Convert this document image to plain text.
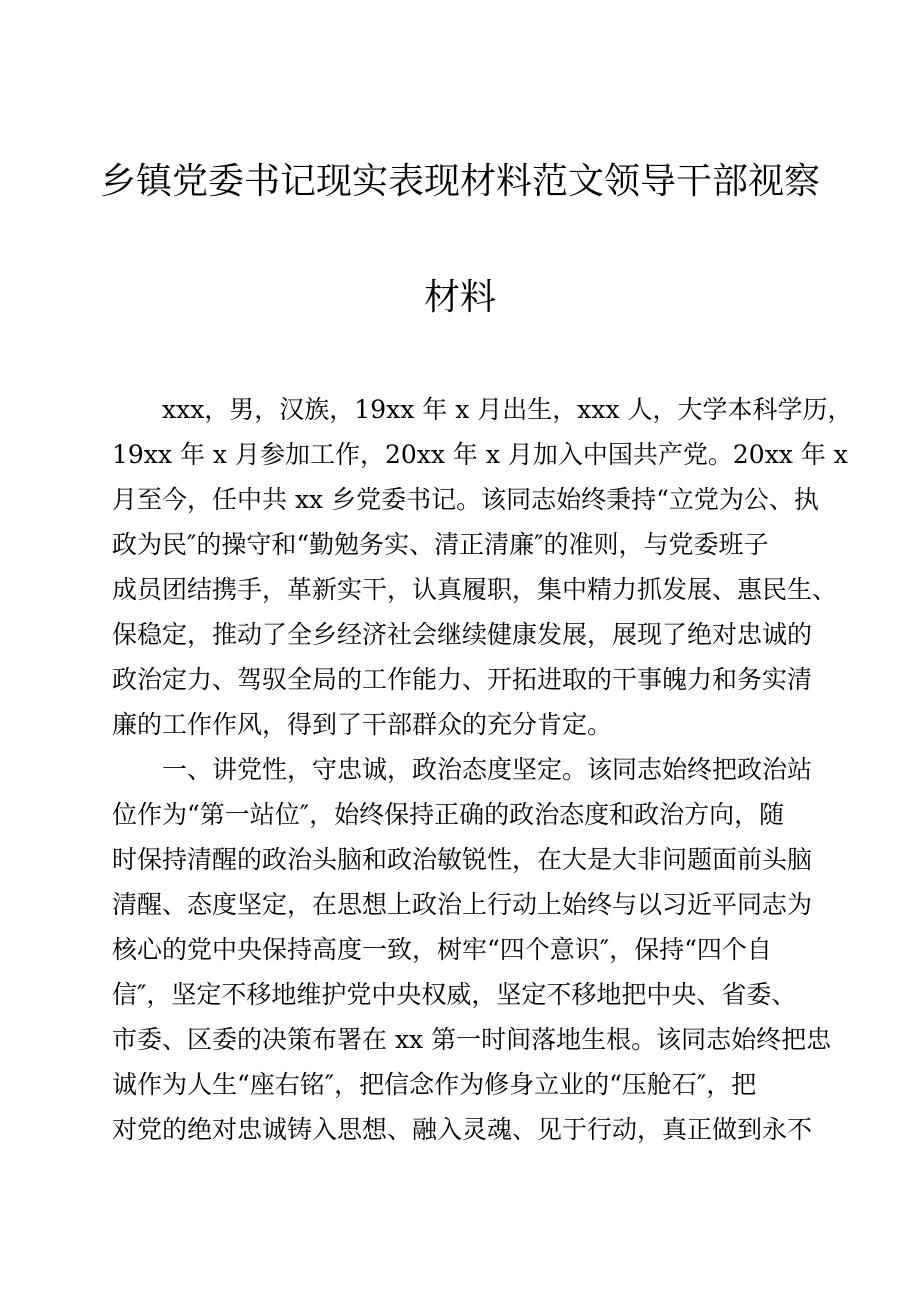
乡镇党委书记现实表现材料范文领导干部视察
材料
　　xxx，男，汉族，19xx 年 x 月出生，xxx 人，大学本科学历，
19xx 年 x 月参加工作，20xx 年 x 月加入中国共产党。20xx 年 x
月至今，任中共 xx 乡党委书记。该同志始终秉持“立党为公、执
政为民″的操守和“勤勉务实、清正清廉″的准则，与党委班子
成员团结携手，革新实干，认真履职，集中精力抓发展、惠民生、
保稳定，推动了全乡经济社会继续健康发展，展现了绝对忠诚的
政治定力、驾驭全局的工作能力、开拓进取的干事魄力和务实清
廉的工作作风，得到了干部群众的充分肯定。
　　一、讲党性，守忠诚，政治态度坚定。该同志始终把政治站
位作为“第一站位″，始终保持正确的政治态度和政治方向，随
时保持清醒的政治头脑和政治敏锐性，在大是大非问题面前头脑
清醒、态度坚定，在思想上政治上行动上始终与以习近平同志为
核心的党中央保持高度一致，树牢“四个意识″，保持“四个自
信″，坚定不移地维护党中央权威，坚定不移地把中央、省委、
市委、区委的决策布署在 xx 第一时间落地生根。该同志始终把忠
诚作为人生“座右铭″，把信念作为修身立业的“压舱石″，把
对党的绝对忠诚铸入思想、融入灵魂、见于行动，真正做到永不
